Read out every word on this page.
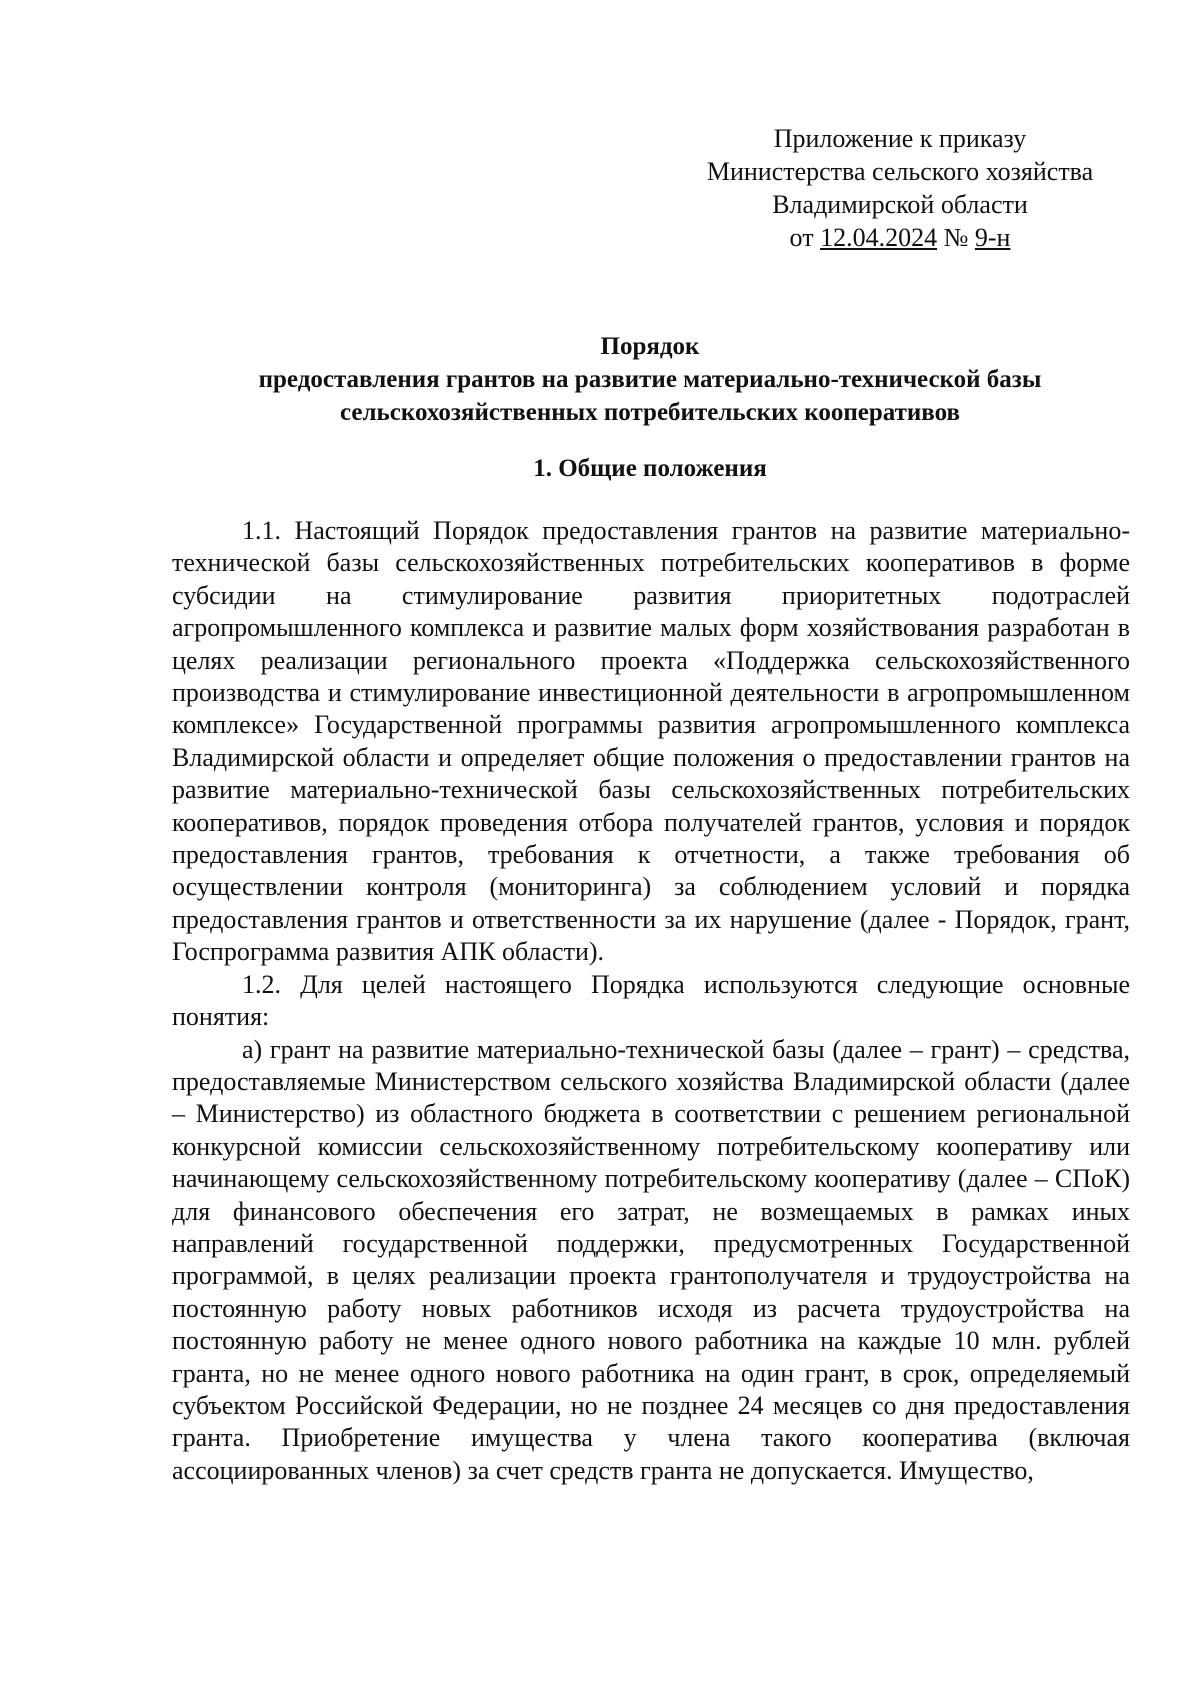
Приложение к приказу
Министерства сельского хозяйства
Владимирской области
от 12.04.2024 № 9-н
Порядок
предоставления грантов на развитие материально-технической базы
сельскохозяйственных потребительских кооперативов
1. Общие положения

1.1. Настоящий Порядок предоставления грантов на развитие материально-технической базы сельскохозяйственных потребительских кооперативов в форме субсидии на стимулирование развития приоритетных подотраслей агропромышленного комплекса и развитие малых форм хозяйствования разработан в целях реализации регионального проекта «Поддержка сельскохозяйственного производства и стимулирование инвестиционной деятельности в агропромышленном комплексе» Государственной программы развития агропромышленного комплекса Владимирской области и определяет общие положения о предоставлении грантов на развитие материально-технической базы сельскохозяйственных потребительских кооперативов, порядок проведения отбора получателей грантов, условия и порядок предоставления грантов, требования к отчетности, а также требования об осуществлении контроля (мониторинга) за соблюдением условий и порядка предоставления грантов и ответственности за их нарушение (далее - Порядок, грант, Госпрограмма развития АПК области).

1.2. Для целей настоящего Порядка используются следующие основные понятия:

а) грант на развитие материально-технической базы (далее – грант) – средства, предоставляемые Министерством сельского хозяйства Владимирской области (далее – Министерство) из областного бюджета в соответствии с решением региональной конкурсной комиссии сельскохозяйственному потребительскому кооперативу или начинающему сельскохозяйственному потребительскому кооперативу (далее – СПоК) для финансового обеспечения его затрат, не возмещаемых в рамках иных направлений государственной поддержки, предусмотренных Государственной программой, в целях реализации проекта грантополучателя и трудоустройства на постоянную работу новых работников исходя из расчета трудоустройства на постоянную работу не менее одного нового работника на каждые 10 млн. рублей гранта, но не менее одного нового работника на один грант, в срок, определяемый субъектом Российской Федерации, но не позднее 24 месяцев со дня предоставления гранта. Приобретение имущества у члена такого кооператива (включая ассоциированных членов) за счет средств гранта не допускается. Имущество,
